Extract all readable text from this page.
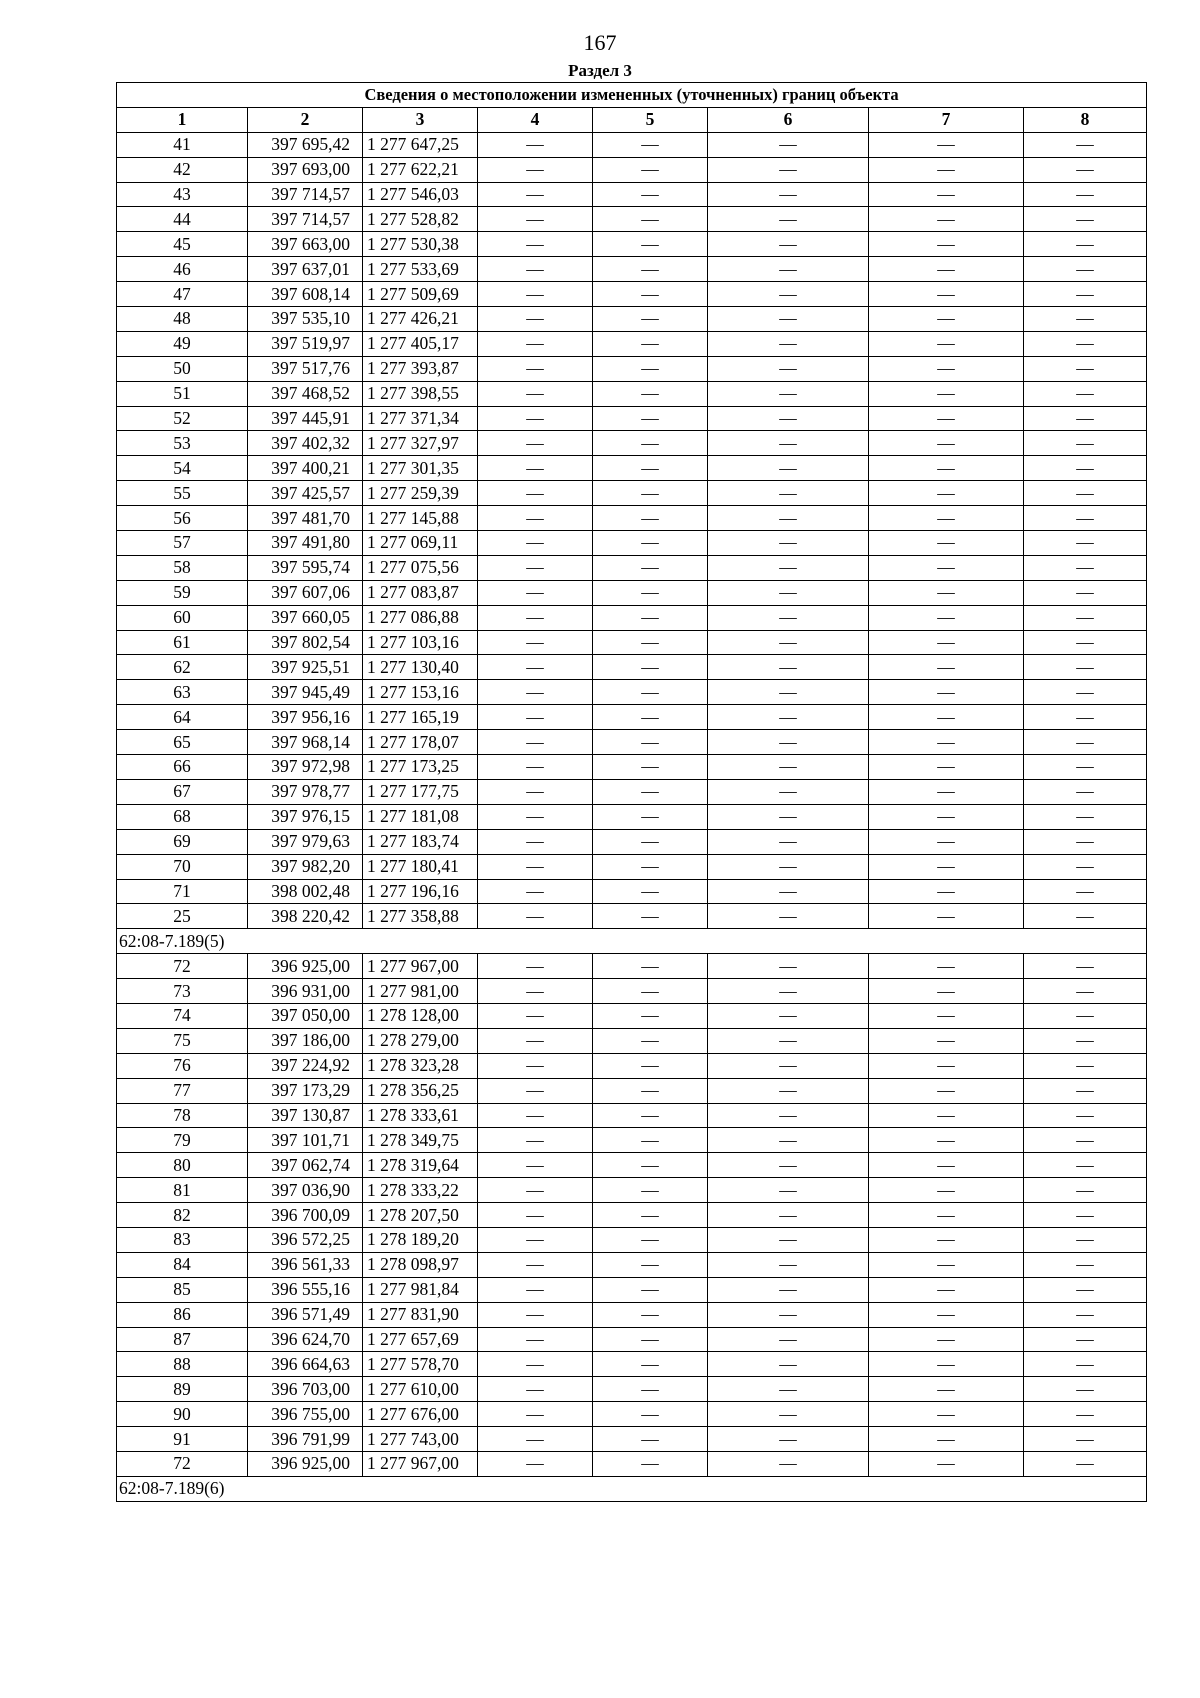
167
Раздел 3
Сведения о местоположении измененных (уточненных) границ объекта							
1	2	3	4	5	6	7	8
41	397 695,42	1 277 647,25	—	—	—	—	—
42	397 693,00	1 277 622,21	—	—	—	—	—
43	397 714,57	1 277 546,03	—	—	—	—	—
44	397 714,57	1 277 528,82	—	—	—	—	—
45	397 663,00	1 277 530,38	—	—	—	—	—
46	397 637,01	1 277 533,69	—	—	—	—	—
47	397 608,14	1 277 509,69	—	—	—	—	—
48	397 535,10	1 277 426,21	—	—	—	—	—
49	397 519,97	1 277 405,17	—	—	—	—	—
50	397 517,76	1 277 393,87	—	—	—	—	—
51	397 468,52	1 277 398,55	—	—	—	—	—
52	397 445,91	1 277 371,34	—	—	—	—	—
53	397 402,32	1 277 327,97	—	—	—	—	—
54	397 400,21	1 277 301,35	—	—	—	—	—
55	397 425,57	1 277 259,39	—	—	—	—	—
56	397 481,70	1 277 145,88	—	—	—	—	—
57	397 491,80	1 277 069,11	—	—	—	—	—
58	397 595,74	1 277 075,56	—	—	—	—	—
59	397 607,06	1 277 083,87	—	—	—	—	—
60	397 660,05	1 277 086,88	—	—	—	—	—
61	397 802,54	1 277 103,16	—	—	—	—	—
62	397 925,51	1 277 130,40	—	—	—	—	—
63	397 945,49	1 277 153,16	—	—	—	—	—
64	397 956,16	1 277 165,19	—	—	—	—	—
65	397 968,14	1 277 178,07	—	—	—	—	—
66	397 972,98	1 277 173,25	—	—	—	—	—
67	397 978,77	1 277 177,75	—	—	—	—	—
68	397 976,15	1 277 181,08	—	—	—	—	—
69	397 979,63	1 277 183,74	—	—	—	—	—
70	397 982,20	1 277 180,41	—	—	—	—	—
71	398 002,48	1 277 196,16	—	—	—	—	—
25	398 220,42	1 277 358,88	—	—	—	—	—
62:08-7.189(5)							
72	396 925,00	1 277 967,00	—	—	—	—	—
73	396 931,00	1 277 981,00	—	—	—	—	—
74	397 050,00	1 278 128,00	—	—	—	—	—
75	397 186,00	1 278 279,00	—	—	—	—	—
76	397 224,92	1 278 323,28	—	—	—	—	—
77	397 173,29	1 278 356,25	—	—	—	—	—
78	397 130,87	1 278 333,61	—	—	—	—	—
79	397 101,71	1 278 349,75	—	—	—	—	—
80	397 062,74	1 278 319,64	—	—	—	—	—
81	397 036,90	1 278 333,22	—	—	—	—	—
82	396 700,09	1 278 207,50	—	—	—	—	—
83	396 572,25	1 278 189,20	—	—	—	—	—
84	396 561,33	1 278 098,97	—	—	—	—	—
85	396 555,16	1 277 981,84	—	—	—	—	—
86	396 571,49	1 277 831,90	—	—	—	—	—
87	396 624,70	1 277 657,69	—	—	—	—	—
88	396 664,63	1 277 578,70	—	—	—	—	—
89	396 703,00	1 277 610,00	—	—	—	—	—
90	396 755,00	1 277 676,00	—	—	—	—	—
91	396 791,99	1 277 743,00	—	—	—	—	—
72	396 925,00	1 277 967,00	—	—	—	—	—
62:08-7.189(6)							
